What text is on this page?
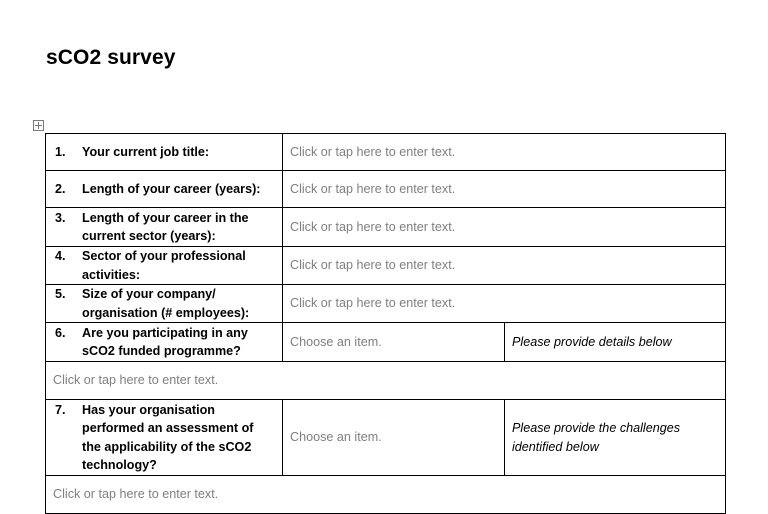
sCO2 survey
1. Your current job title:	Click or tap here to enter text.	

2. Length of your career (years):	Click or tap here to enter text.	

3. Length of your career in the current sector (years):	Click or tap here to enter text.	

4. Sector of your professional activities:	Click or tap here to enter text.	

5. Size of your company/ organisation (# employees):	Click or tap here to enter text.	

6. Are you participating in any sCO2 funded programme?	Choose an item.	Please provide details below
Click or tap here to enter text.		

7. Has your organisation performed an assessment of the applicability of the sCO2 technology?	Choose an item.	Please provide the challenges identified below
Click or tap here to enter text.		
